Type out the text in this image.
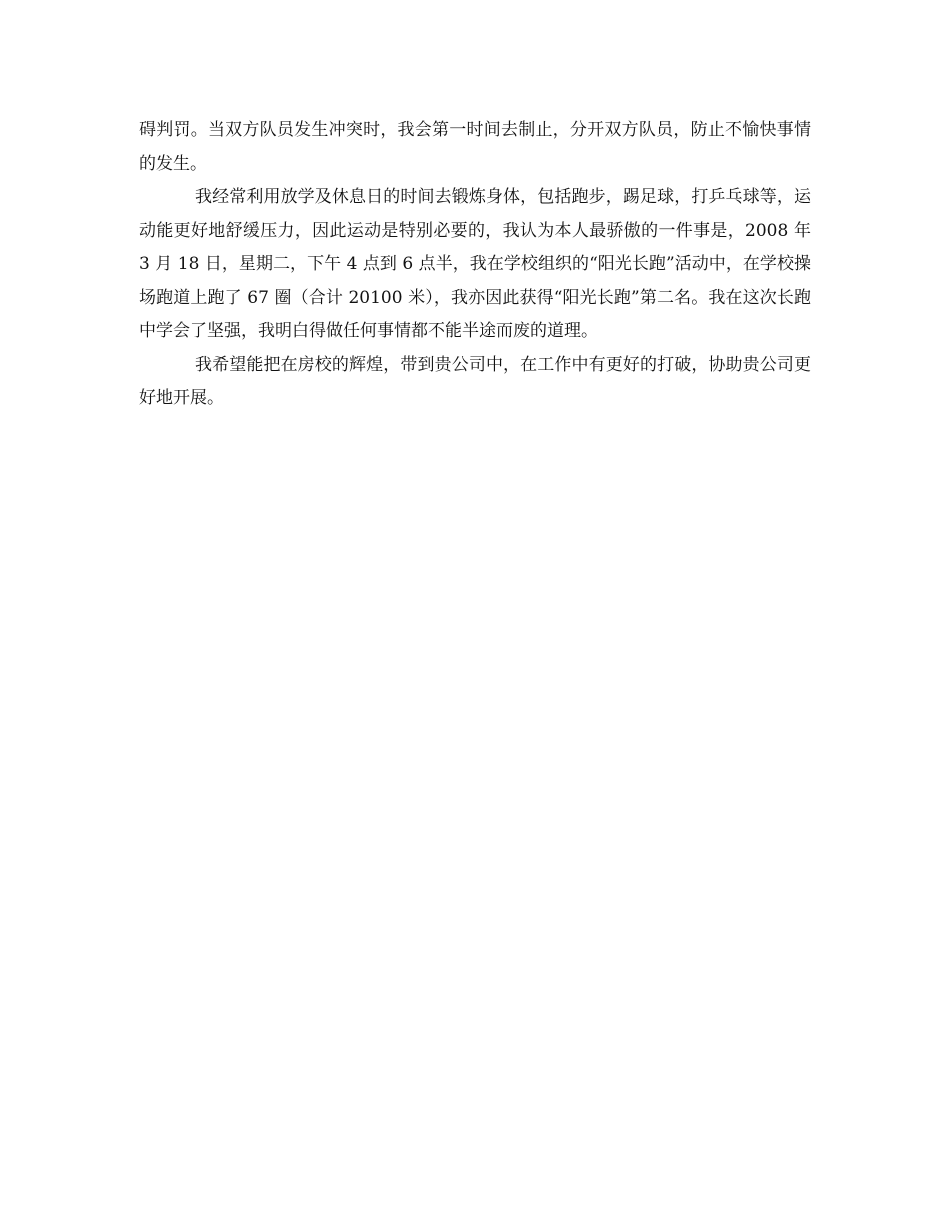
碍判罚。当双方队员发生冲突时，我会第一时间去制止，分开双方队员，防止不愉快事情的发生。

我经常利用放学及休息日的时间去锻炼身体，包括跑步，踢足球，打乒乓球等，运动能更好地舒缓压力，因此运动是特别必要的，我认为本人最骄傲的一件事是，2008 年 3 月 18 日，星期二，下午 4 点到 6 点半，我在学校组织的“阳光长跑”活动中，在学校操场跑道上跑了 67 圈（合计 20100 米），我亦因此获得“阳光长跑”第二名。我在这次长跑中学会了坚强，我明白得做任何事情都不能半途而废的道理。

我希望能把在房校的辉煌，带到贵公司中，在工作中有更好的打破，协助贵公司更好地开展。
